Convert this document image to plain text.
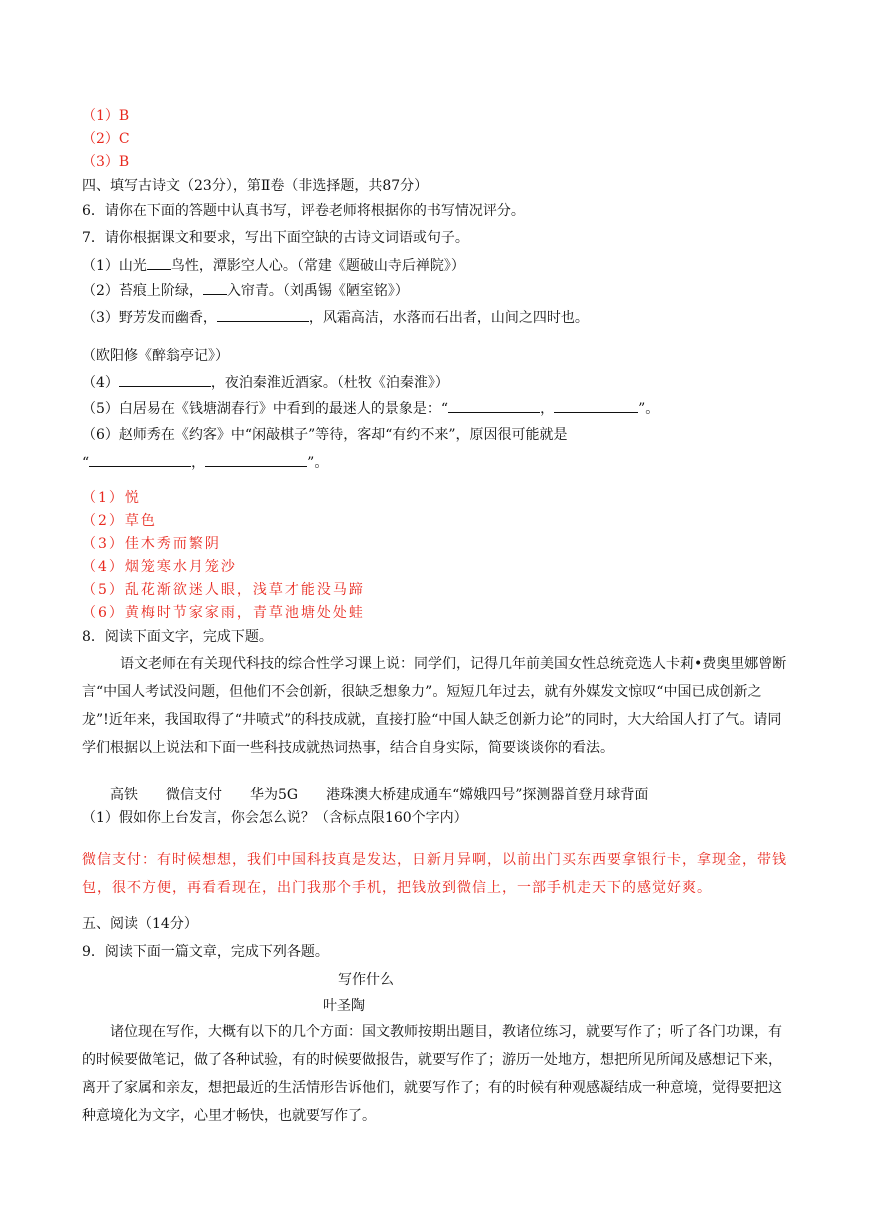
（1）B
（2）C
（3）B
四、填写古诗文（23分），第Ⅱ卷（非选择题，共87分）
6．请你在下面的答题中认真书写，评卷老师将根据你的书写情况评分。
7．请你根据课文和要求，写出下面空缺的古诗文词语或句子。
（1）山光 鸟性，潭影空人心。（常建《题破山寺后禅院》）
（2）苔痕上阶绿， 入帘青。（刘禹锡《陋室铭》）
（3）野芳发而幽香，	，风霜高洁，水落而石出者，山间之四时也。
（欧阳修《醉翁亭记》）
（4）	，夜泊秦淮近酒家。（杜牧《泊秦淮》）
（5）白居易在《钱塘湖春行》中看到的最迷人的景象是：“	，	”。
（6）赵师秀在《约客》中“闲敲棋子”等待，客却“有约不来”，原因很可能就是
“	，	”。
（1）悦
（2）草色
（3）佳木秀而繁阴
（4）烟笼寒水月笼沙
（5）乱花渐欲迷人眼，浅草才能没马蹄
（6）黄梅时节家家雨，青草池塘处处蛙
8．阅读下面文字，完成下题。
语文老师在有关现代科技的综合性学习课上说：同学们，记得几年前美国女性总统竞选人卡莉•费奥里娜曾断言“中国人考试没问题，但他们不会创新，很缺乏想象力”。短短几年过去，就有外媒发文惊叹“中国已成创新之龙”!近年来，我国取得了“井喷式”的科技成就，直接打脸“中国人缺乏创新力论”的同时，大大给国人打了气。请同学们根据以上说法和下面一些科技成就热词热事，结合自身实际，简要谈谈你的看法。
高铁　　微信支付　　华为5G　　港珠澳大桥建成通车“嫦娥四号”探测器首登月球背面
（1）假如你上台发言，你会怎么说？（含标点限160个字内）
微信支付：有时候想想，我们中国科技真是发达，日新月异啊，以前出门买东西要拿银行卡，拿现金，带钱包，很不方便，再看看现在，出门我那个手机，把钱放到微信上，一部手机走天下的感觉好爽。
五、阅读（14分）
9．阅读下面一篇文章，完成下列各题。
写作什么
叶圣陶
诸位现在写作，大概有以下的几个方面：国文教师按期出题目，教诸位练习，就要写作了；听了各门功课，有的时候要做笔记，做了各种试验，有的时候要做报告，就要写作了；游历一处地方，想把所见所闻及感想记下来，离开了家属和亲友，想把最近的生活情形告诉他们，就要写作了；有的时候有种观感凝结成一种意境，觉得要把这种意境化为文字，心里才畅快，也就要写作了。
